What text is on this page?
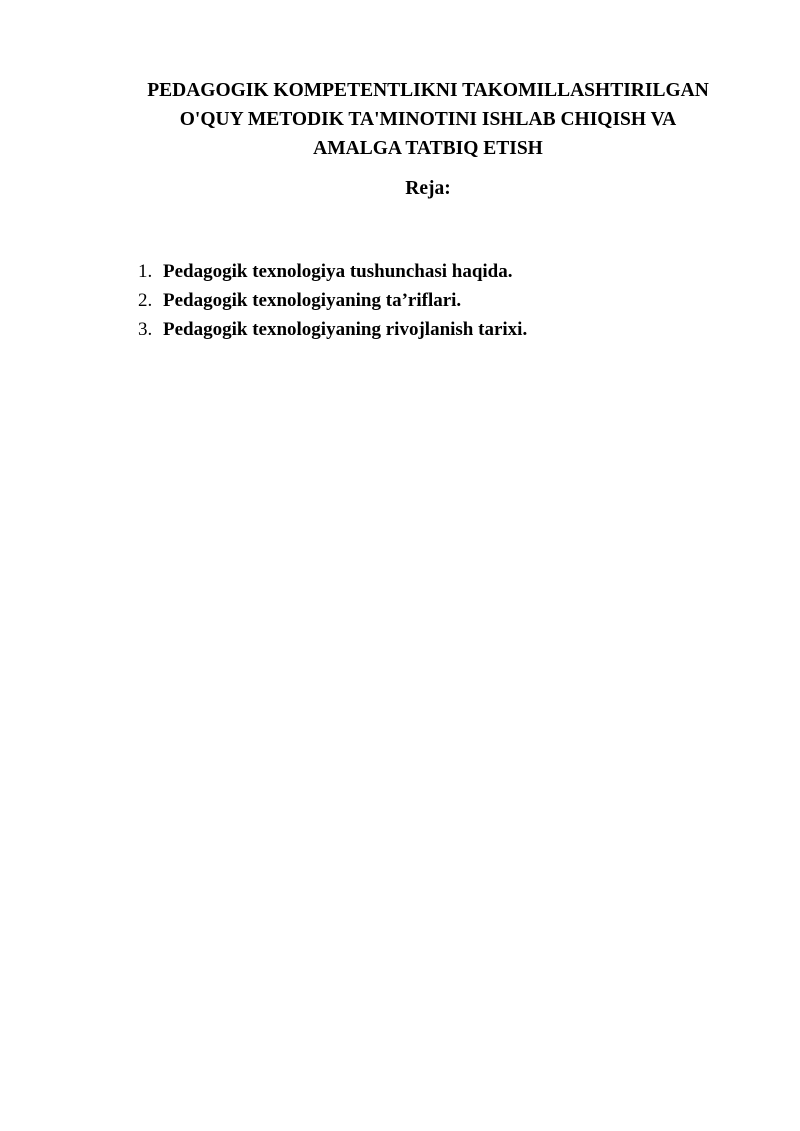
PEDAGOGIK KOMPETENTLIKNI TAKOMILLASHTIRILGAN
O'QUY METODIK TA'MINOTINI ISHLAB CHIQISH VA
AMALGA TATBIQ ETISH
Reja:
1. Pedagogik texnologiya tushunchasi haqida.
2. Pedagogik texnologiyaning ta’riflari.
3. Pedagogik texnologiyaning rivojlanish tarixi.
